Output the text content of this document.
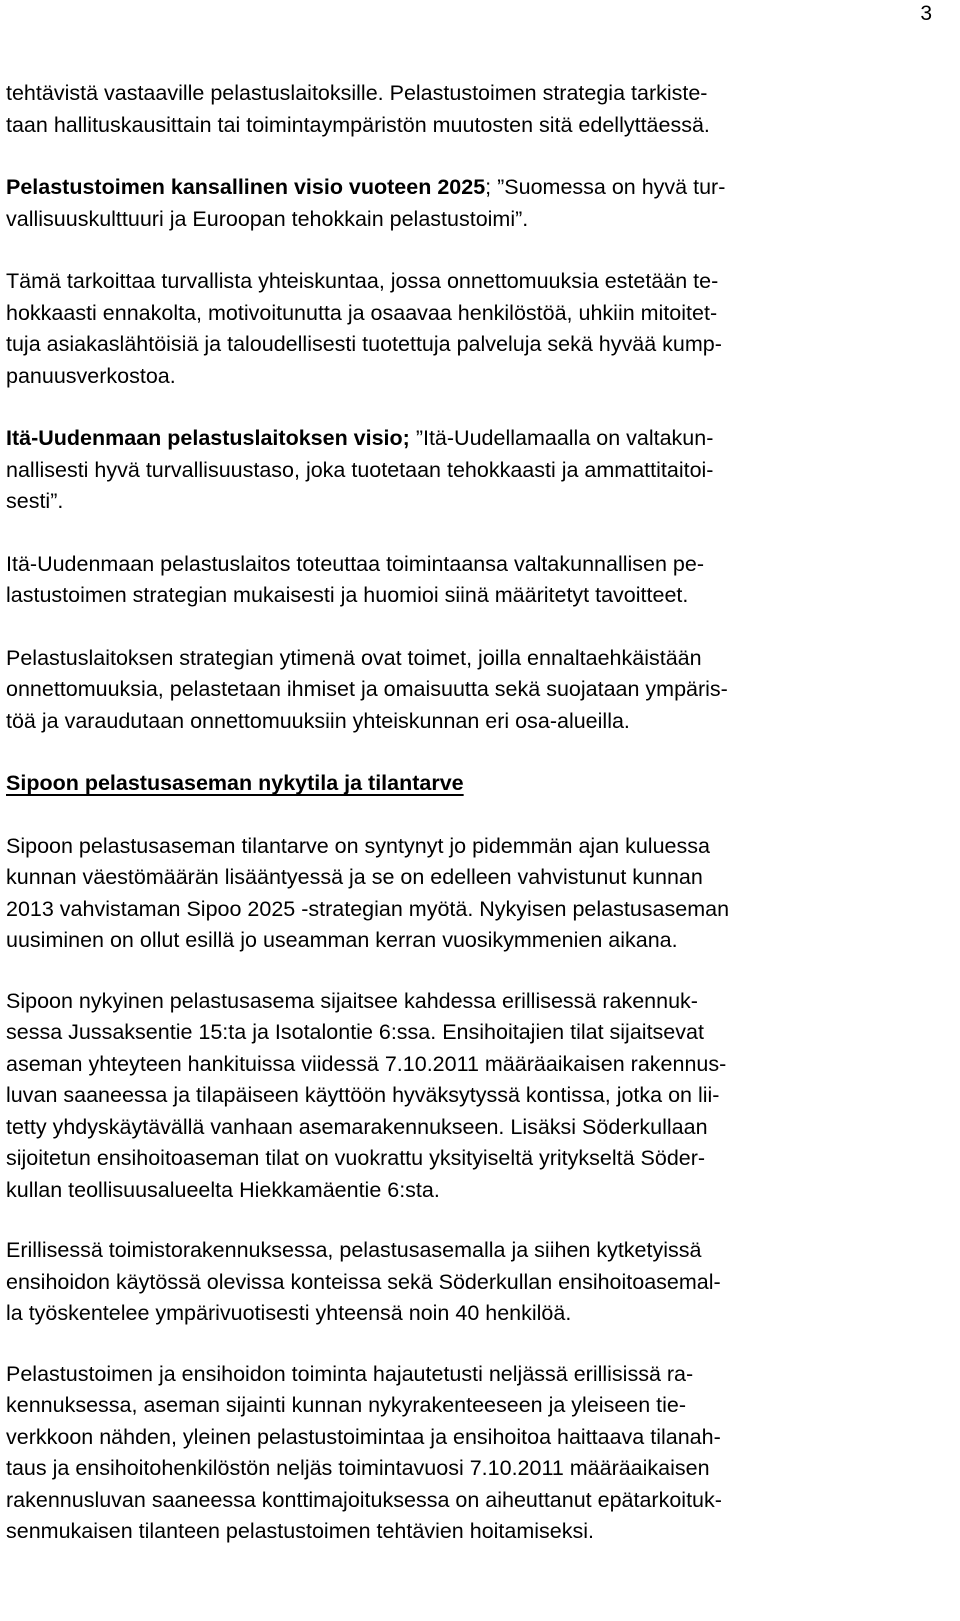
3

tehtävistä vastaaville pelastuslaitoksille. Pelastustoimen strategia tarkiste-
taan hallituskausittain tai toimintaympäristön muutosten sitä edellyttäessä.

Pelastustoimen kansallinen visio vuoteen 2025; ”Suomessa on hyvä tur-
vallisuuskulttuuri ja Euroopan tehokkain pelastustoimi”.

Tämä tarkoittaa turvallista yhteiskuntaa, jossa onnettomuuksia estetään te-
hokkaasti ennakolta, motivoitunutta ja osaavaa henkilöstöä, uhkiin mitoitet-
tuja asiakaslähtöisiä ja taloudellisesti tuotettuja palveluja sekä hyvää kump-
panuusverkostoa.

Itä-Uudenmaan pelastuslaitoksen visio; ”Itä-Uudellamaalla on valtakun-
nallisesti hyvä turvallisuustaso, joka tuotetaan tehokkaasti ja ammattitaitoi-
sesti”.

Itä-Uudenmaan pelastuslaitos toteuttaa toimintaansa valtakunnallisen pe-
lastustoimen strategian mukaisesti ja huomioi siinä määritetyt tavoitteet.

Pelastuslaitoksen strategian ytimenä ovat toimet, joilla ennaltaehkäistään
onnettomuuksia, pelastetaan ihmiset ja omaisuutta sekä suojataan ympäris-
töä ja varaudutaan onnettomuuksiin yhteiskunnan eri osa-alueilla.

Sipoon pelastusaseman nykytila ja tilantarve

Sipoon pelastusaseman tilantarve on syntynyt jo pidemmän ajan kuluessa
kunnan väestömäärän lisääntyessä ja se on edelleen vahvistunut kunnan
2013 vahvistaman Sipoo 2025 -strategian myötä. Nykyisen pelastusaseman
uusiminen on ollut esillä jo useamman kerran vuosikymmenien aikana.

Sipoon nykyinen pelastusasema sijaitsee kahdessa erillisessä rakennuk-
sessa Jussaksentie 15:ta ja Isotalontie 6:ssa. Ensihoitajien tilat sijaitsevat
aseman yhteyteen hankituissa viidessä 7.10.2011 määräaikaisen rakennus-
luvan saaneessa ja tilapäiseen käyttöön hyväksytyssä kontissa, jotka on lii-
tetty yhdyskäytävällä vanhaan asemarakennukseen. Lisäksi Söderkullaan
sijoitetun ensihoitoaseman tilat on vuokrattu yksityiseltä yritykseltä Söder-
kullan teollisuusalueelta Hiekkamäentie 6:sta.

Erillisessä toimistorakennuksessa, pelastusasemalla ja siihen kytketyissä
ensihoidon käytössä olevissa konteissa sekä Söderkullan ensihoitoasemal-
la työskentelee ympärivuotisesti yhteensä noin 40 henkilöä.

Pelastustoimen ja ensihoidon toiminta hajautetusti neljässä erillisissä ra-
kennuksessa, aseman sijainti kunnan nykyrakenteeseen ja yleiseen tie-
verkkoon nähden, yleinen pelastustoimintaa ja ensihoitoa haittaava tilanah-
taus ja ensihoitohenkilöstön neljäs toimintavuosi 7.10.2011 määräaikaisen
rakennusluvan saaneessa konttimajoituksessa on aiheuttanut epätarkoituk-
senmukaisen tilanteen pelastustoimen tehtävien hoitamiseksi.
